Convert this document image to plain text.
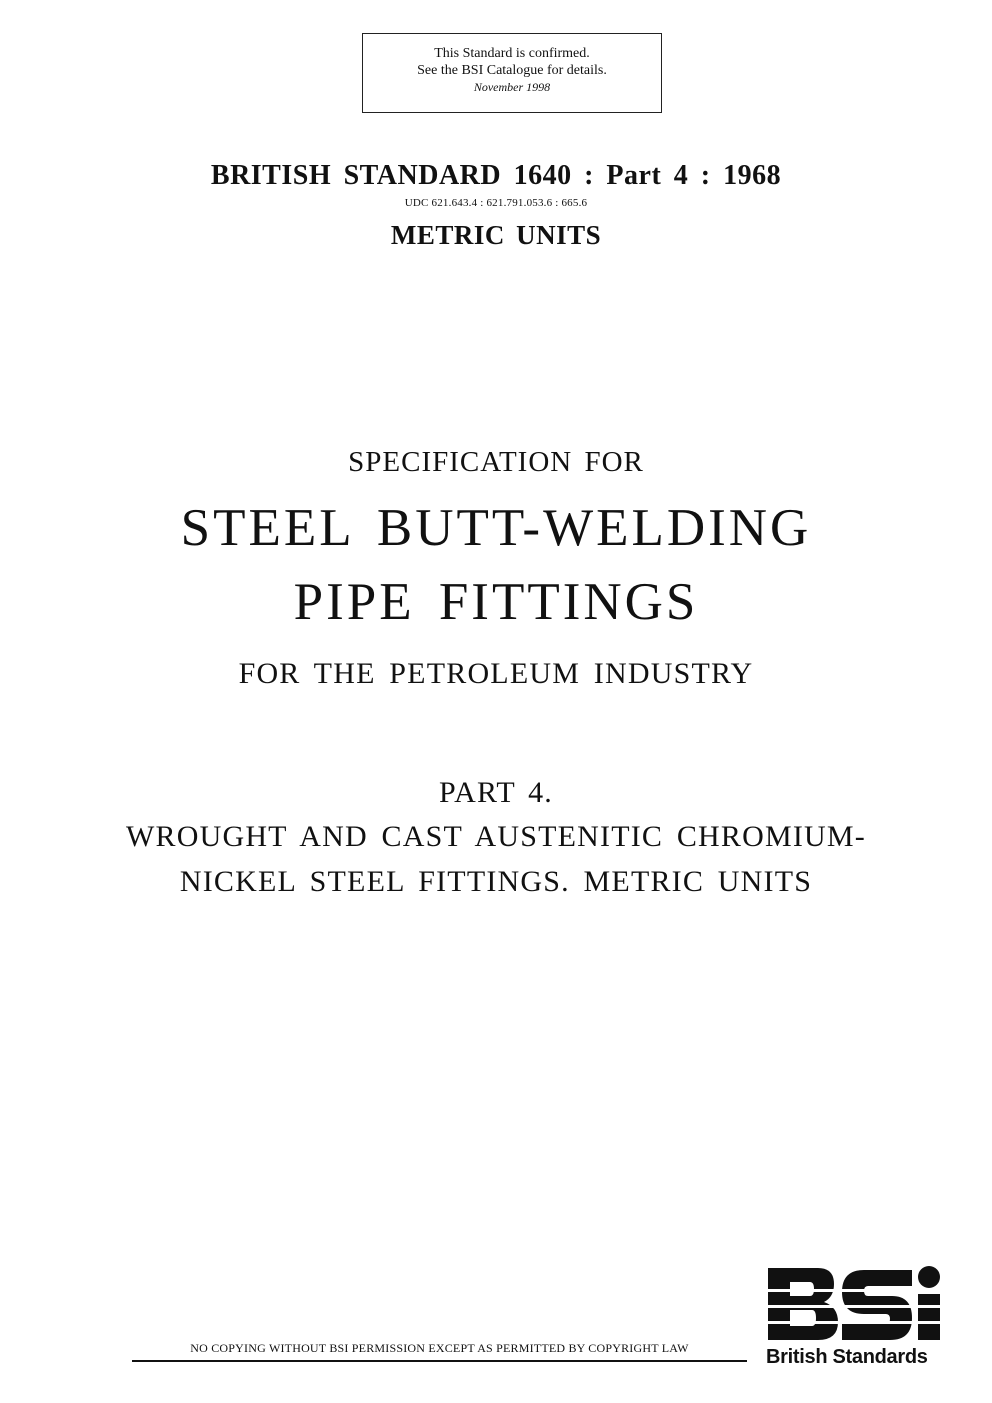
This Standard is confirmed.
See the BSI Catalogue for details.
November 1998
BRITISH STANDARD 1640 : Part 4 : 1968
UDC 621.643.4 : 621.791.053.6 : 665.6
METRIC UNITS
SPECIFICATION FOR
STEEL BUTT-WELDING
PIPE FITTINGS
FOR THE PETROLEUM INDUSTRY
PART 4.
WROUGHT AND CAST AUSTENITIC CHROMIUM-
NICKEL STEEL FITTINGS. METRIC UNITS
NO COPYING WITHOUT BSI PERMISSION EXCEPT AS PERMITTED BY COPYRIGHT LAW	British Standards
